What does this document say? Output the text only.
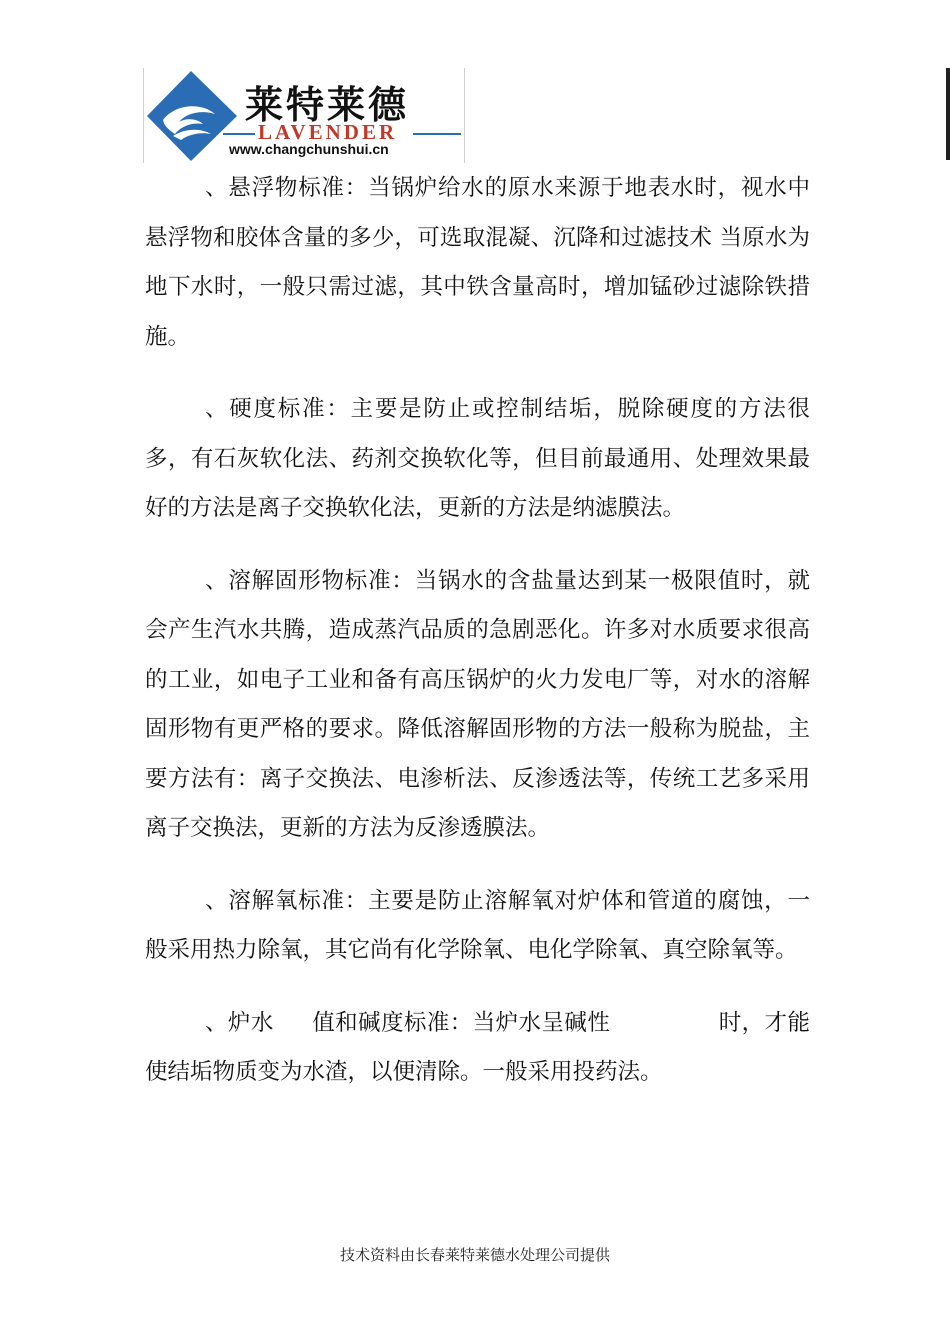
莱特莱德
LAVENDER
www.changchunshui.cn

、悬浮物标准：当锅炉给水的原水来源于地表水时，视水中悬浮物和胶体含量的多少，可选取混凝、沉降和过滤技术 当原水为地下水时，一般只需过滤，其中铁含量高时，增加锰砂过滤除铁措施。

、硬度标准：主要是防止或控制结垢，脱除硬度的方法很多，有石灰软化法、药剂交换软化等，但目前最通用、处理效果最好的方法是离子交换软化法，更新的方法是纳滤膜法。

、溶解固形物标准：当锅水的含盐量达到某一极限值时，就会产生汽水共腾，造成蒸汽品质的急剧恶化。许多对水质要求很高的工业，如电子工业和备有高压锅炉的火力发电厂等，对水的溶解固形物有更严格的要求。降低溶解固形物的方法一般称为脱盐，主要方法有：离子交换法、电渗析法、反渗透法等，传统工艺多采用离子交换法，更新的方法为反渗透膜法。

、溶解氧标准：主要是防止溶解氧对炉体和管道的腐蚀，一般采用热力除氧，其它尚有化学除氧、电化学除氧、真空除氧等。

、炉水 值和碱度标准：当炉水呈碱性	时，才能使结垢物质变为水渣，以便清除。一般采用投药法。

技术资料由长春莱特莱德水处理公司提供
